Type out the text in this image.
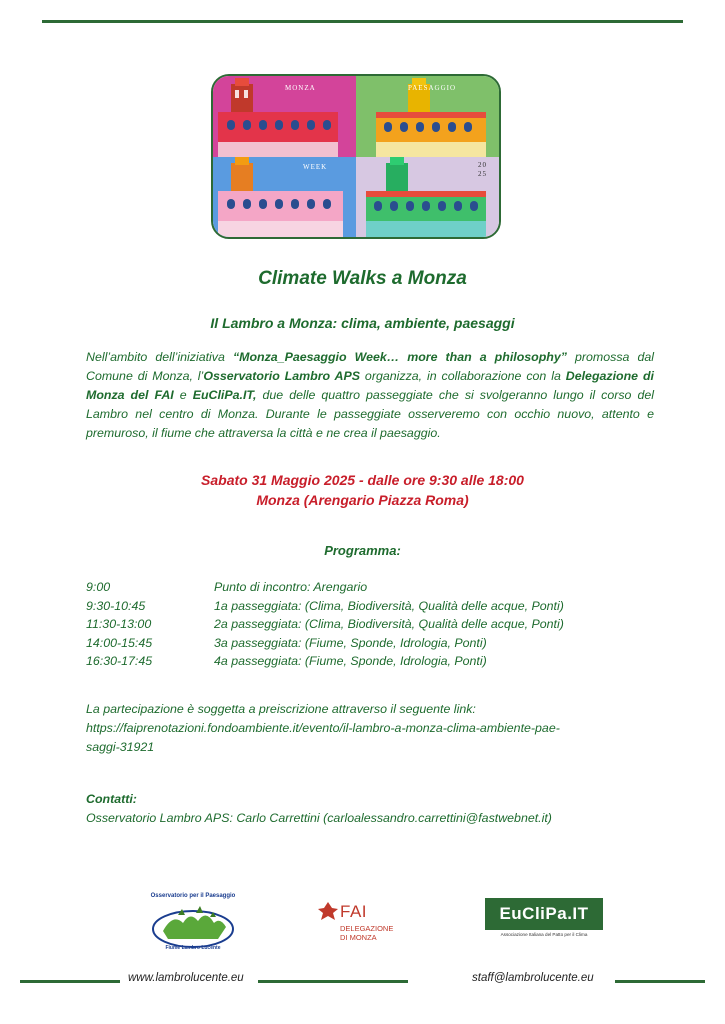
MONZA	PAESAGGIO
WEEK	20
25
Climate Walks a Monza
Il Lambro a Monza: clima, ambiente, paesaggi
Nell’ambito dell’iniziativa “Monza_Paesaggio Week… more than a philosophy” promossa dal Comune di Monza, l’Osservatorio Lambro APS organizza, in collaborazione con la Delegazione di Monza del FAI e EuCliPa.IT, due delle quattro passeggiate che si svolgeranno lungo il corso del Lambro nel centro di Monza. Durante le passeggiate osserveremo con occhio nuovo, attento e premuroso, il fiume che attraversa la città e ne crea il paesaggio.
Sabato 31 Maggio 2025 - dalle ore 9:30 alle 18:00
Monza (Arengario Piazza Roma)
Programma:
9:00	Punto di incontro: Arengario
9:30-10:45	1a passeggiata: (Clima, Biodiversità, Qualità delle acque, Ponti)
11:30-13:00	2a passeggiata: (Clima, Biodiversità, Qualità delle acque, Ponti)
14:00-15:45	3a passeggiata: (Fiume, Sponde, Idrologia, Ponti)
16:30-17:45	4a passeggiata: (Fiume, Sponde, Idrologia, Ponti)
La partecipazione è soggetta a preiscrizione attraverso il seguente link:
https://faiprenotazioni.fondoambiente.it/evento/il-lambro-a-monza-clima-ambiente-pae-
saggi-31921
Contatti:
Osservatorio Lambro APS: Carlo Carrettini (carloalessandro.carrettini@fastwebnet.it)
Osservatorio per il Paesaggio
Fiume Lambro Lucente
FAI
DELEGAZIONE
DI MONZA
EuCliPa.IT
Associazione Italiana del Patto per il Clima
www.lambrolucente.eu	staff@lambrolucente.eu
